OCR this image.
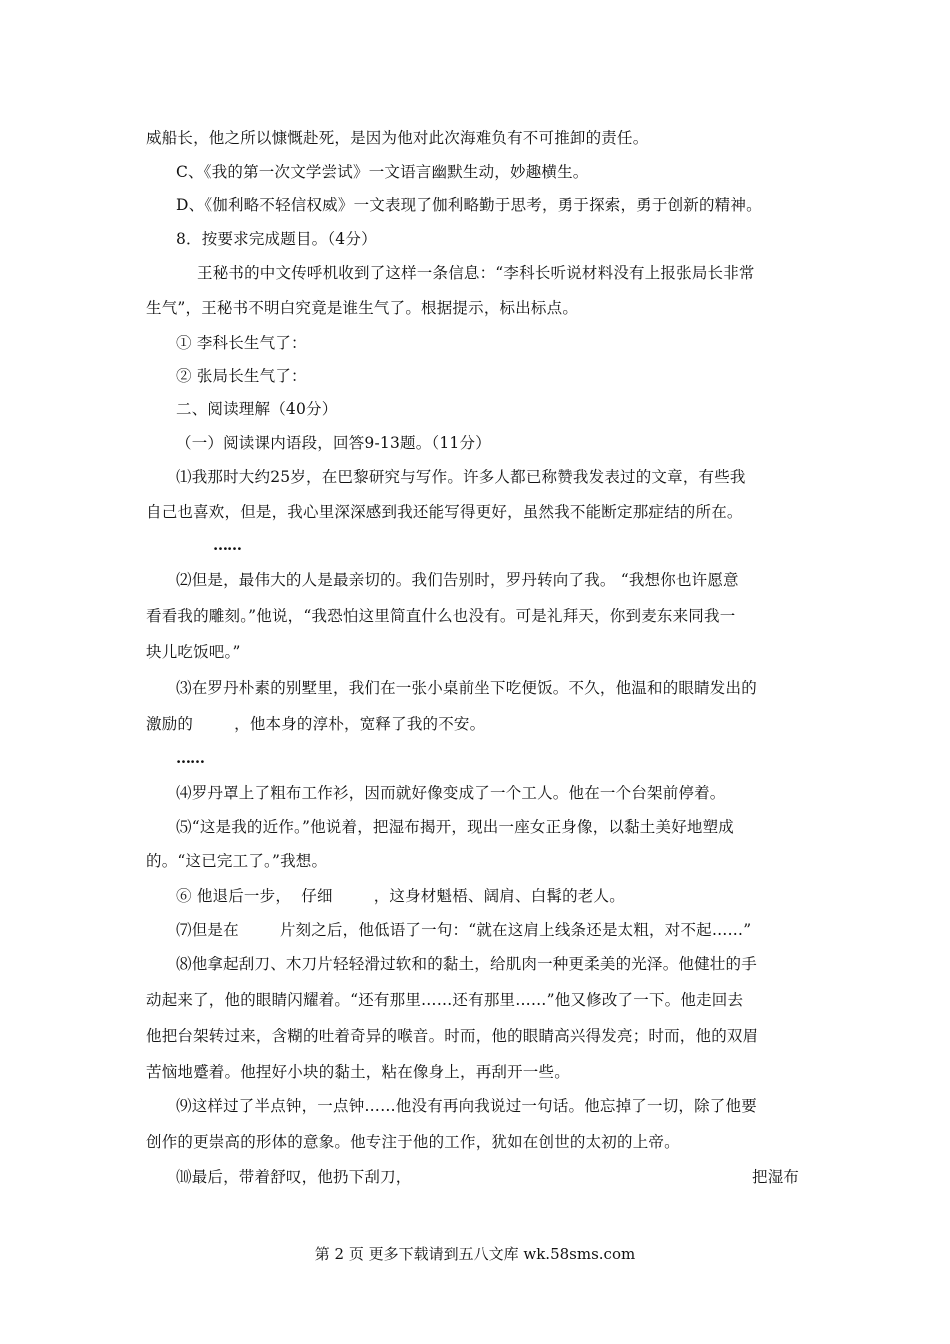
威船长，他之所以慷慨赴死，是因为他对此次海难负有不可推卸的责任。
C、《我的第一次文学尝试》一文语言幽默生动，妙趣横生。
D、《伽利略不轻信权威》一文表现了伽利略勤于思考，勇于探索，勇于创新的精神。
8．按要求完成题目。（4分）
王秘书的中文传呼机收到了这样一条信息：“李科长听说材料没有上报张局长非常
生气”，王秘书不明白究竟是谁生气了。根据提示，标出标点。
① 李科长生气了：
② 张局长生气了：
二、阅读理解（40分）
（一）阅读课内语段，回答9-13题。（11分）
⑴我那时大约25岁，在巴黎研究与写作。许多人都已称赞我发表过的文章，有些我
自己也喜欢，但是，我心里深深感到我还能写得更好，虽然我不能断定那症结的所在。
……
⑵但是，最伟大的人是最亲切的。我们告别时，罗丹转向了我。 “我想你也许愿意
看看我的雕刻。”他说，“我恐怕这里简直什么也没有。可是礼拜天，你到麦东来同我一
块儿吃饭吧。”
⑶在罗丹朴素的别墅里，我们在一张小桌前坐下吃便饭。不久，他温和的眼睛发出的
激励的        ，他本身的淳朴，宽释了我的不安。
……
⑷罗丹罩上了粗布工作衫，因而就好像变成了一个工人。他在一个台架前停着。
⑸“这是我的近作。”他说着，把湿布揭开，现出一座女正身像，以黏土美好地塑成
的。“这已完工了。”我想。
⑥ 他退后一步，  仔细        ，这身材魁梧、阔肩、白髯的老人。
⑺但是在        片刻之后，他低语了一句：“就在这肩上线条还是太粗，对不起……”
⑻他拿起刮刀、木刀片轻轻滑过软和的黏土，给肌肉一种更柔美的光泽。他健壮的手
动起来了，他的眼睛闪耀着。“还有那里……还有那里……”他又修改了一下。他走回去
他把台架转过来，含糊的吐着奇异的喉音。时而，他的眼睛高兴得发亮；时而，他的双眉
苦恼地蹙着。他捏好小块的黏土，粘在像身上，再刮开一些。
⑼这样过了半点钟，一点钟……他没有再向我说过一句话。他忘掉了一切，除了他要
创作的更崇高的形体的意象。他专注于他的工作，犹如在创世的太初的上帝。
⑽最后，带着舒叹，他扔下刮刀，	把湿布
第 2 页 更多下载请到五八文库 wk.58sms.com
